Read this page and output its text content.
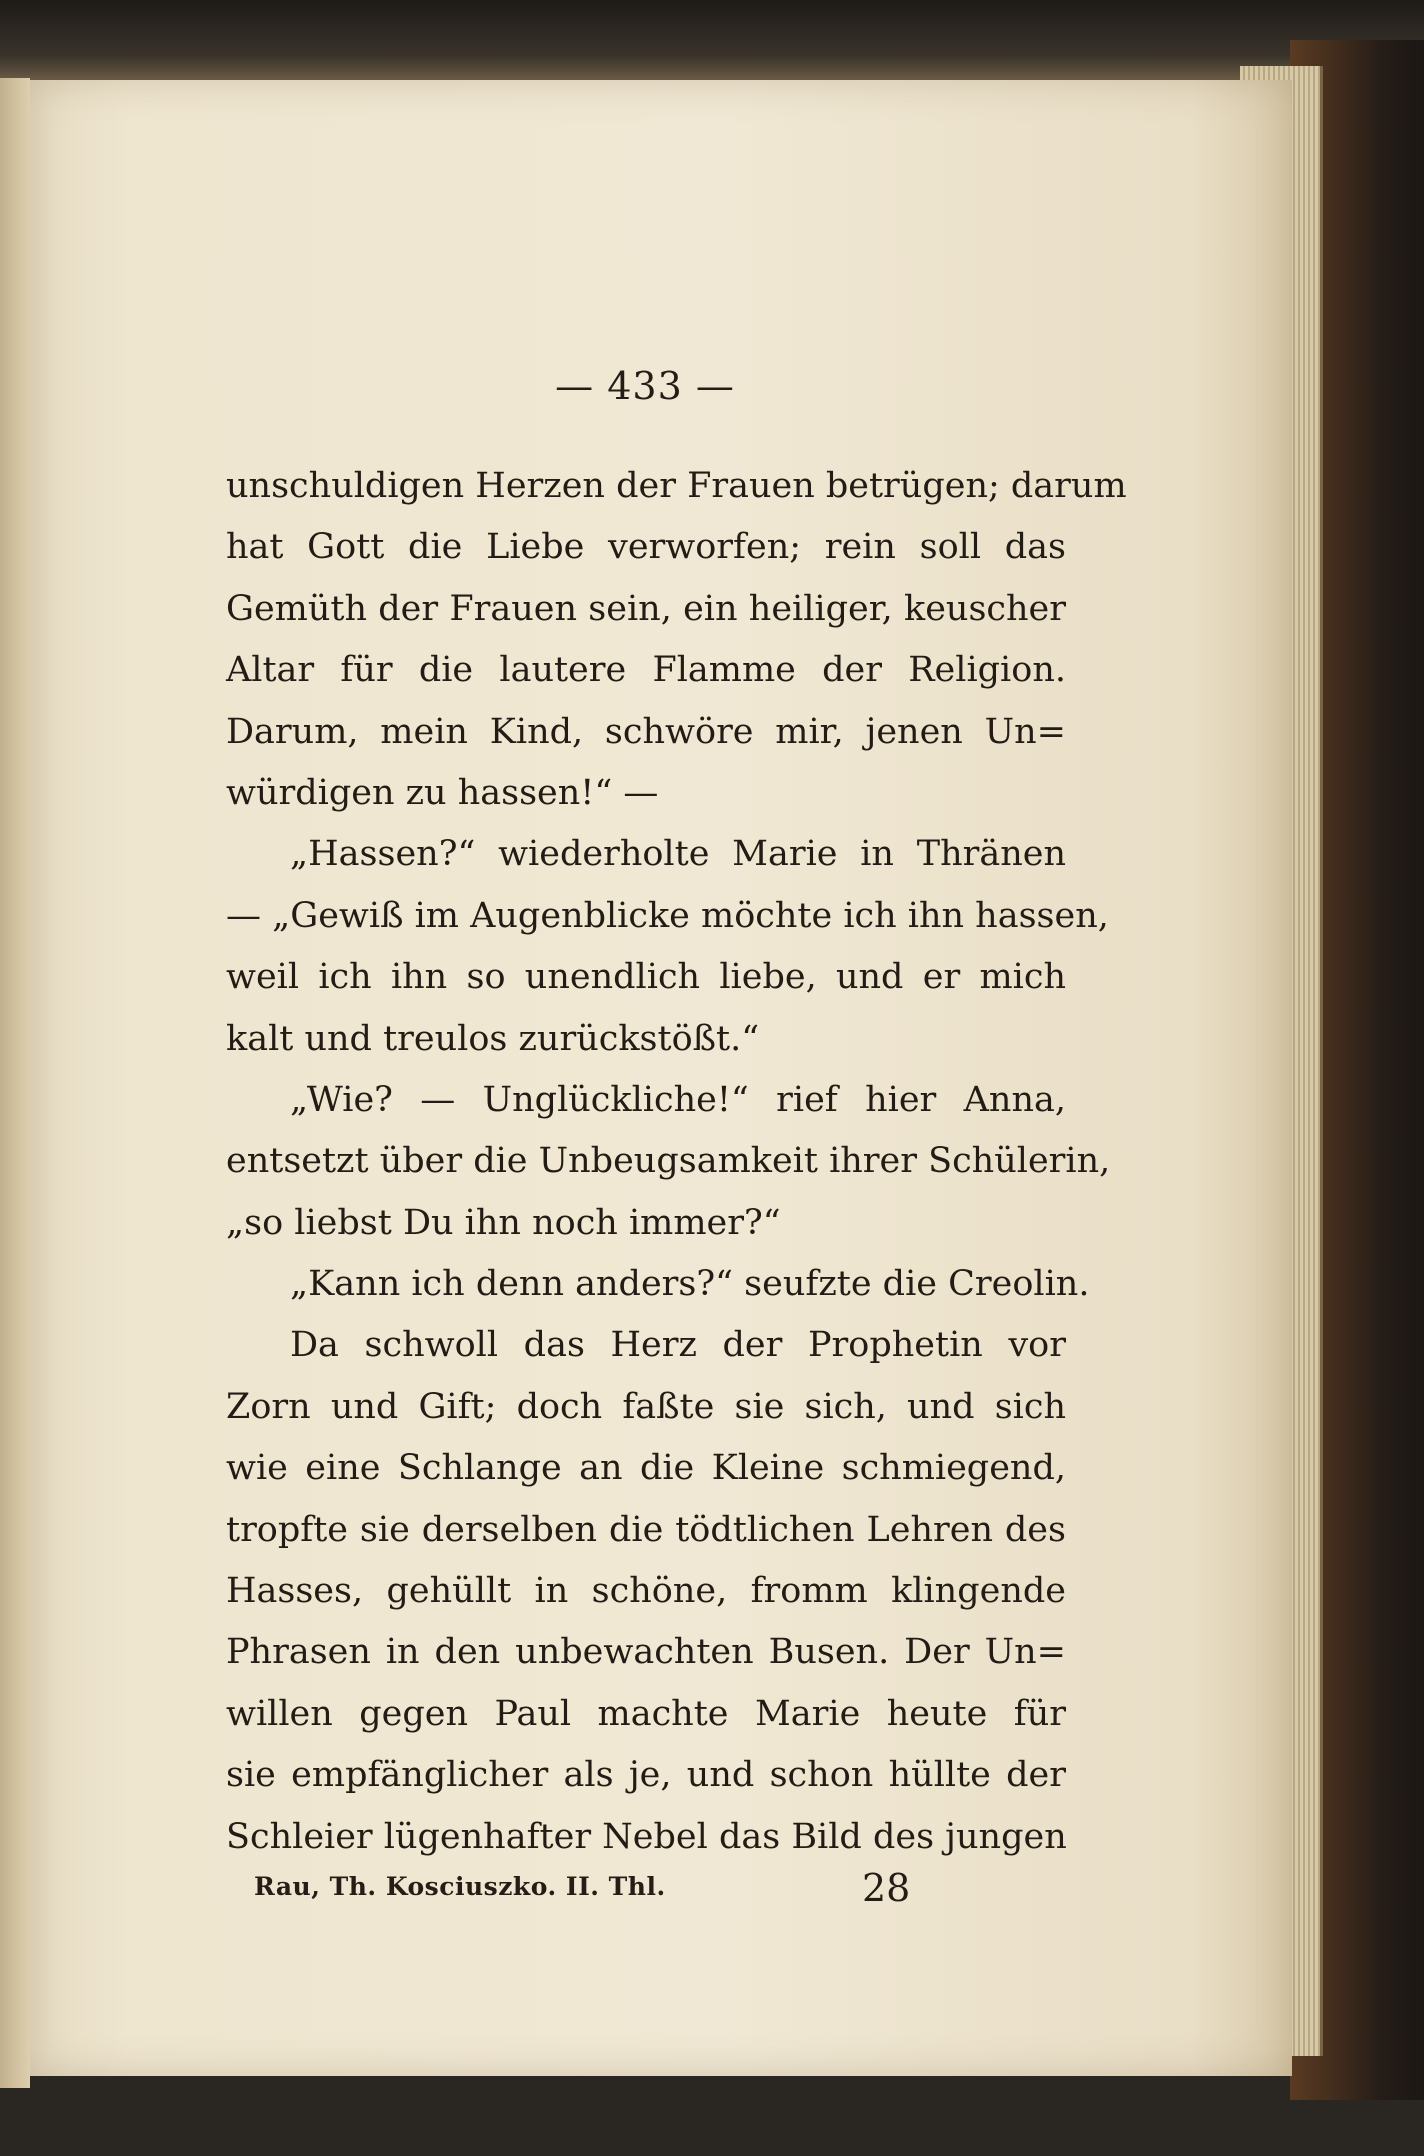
— 433 —
unschuldigen Herzen der Frauen betrügen; darum
hat Gott die Liebe verworfen; rein soll das
Gemüth der Frauen sein, ein heiliger, keuscher
Altar für die lautere Flamme der Religion.
Darum, mein Kind, schwöre mir, jenen Un=
würdigen zu hassen!“ —
„Hassen?“ wiederholte Marie in Thränen
— „Gewiß im Augenblicke möchte ich ihn hassen,
weil ich ihn so unendlich liebe, und er mich
kalt und treulos zurückstößt.“
„Wie? — Unglückliche!“ rief hier Anna,
entsetzt über die Unbeugsamkeit ihrer Schülerin,
„so liebst Du ihn noch immer?“
„Kann ich denn anders?“ seufzte die Creolin.
Da schwoll das Herz der Prophetin vor
Zorn und Gift; doch faßte sie sich, und sich
wie eine Schlange an die Kleine schmiegend,
tropfte sie derselben die tödtlichen Lehren des
Hasses, gehüllt in schöne, fromm klingende
Phrasen in den unbewachten Busen. Der Un=
willen gegen Paul machte Marie heute für
sie empfänglicher als je, und schon hüllte der
Schleier lügenhafter Nebel das Bild des jungen
Rau, Th. Kosciuszko. II. Thl.	28
